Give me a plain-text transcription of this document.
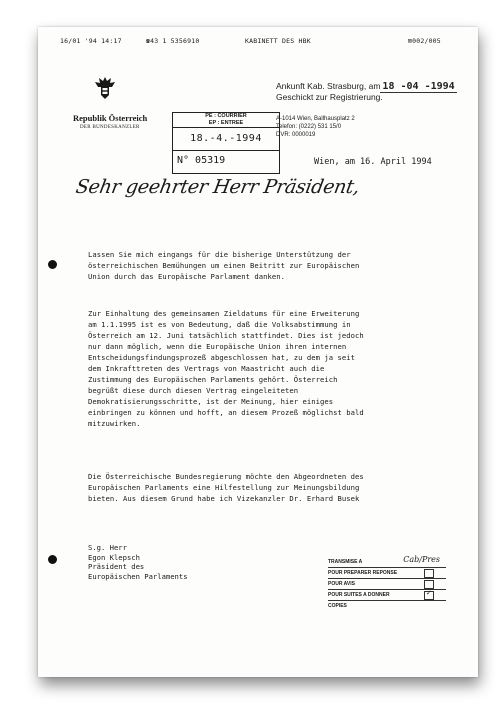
16/01 '94 14:17	☎43 1 5356910	KABINETT DES HBK	⊠002/005
Republik Österreich
DER BUNDESKANZLER
Ankunft Kab. Strasburg, am 18 -04 -1994
Geschickt zur Registrierung.
PE : COURRIER
EP : ENTREE
18.-4.-1994
N° 05319
A-1014 Wien, Ballhausplatz 2
Telefon: (0222) 531 15/0
DVR: 0000019
Wien, am 16. April 1994
Sehr geehrter Herr Präsident,
Lassen Sie mich eingangs für die bisherige Unterstützung der
österreichischen Bemühungen um einen Beitritt zur Europäischen
Union durch das Europäische Parlament danken.
Zur Einhaltung des gemeinsamen Zieldatums für eine Erweiterung
am 1.1.1995 ist es von Bedeutung, daß die Volksabstimmung in
Österreich am 12. Juni tatsächlich stattfindet. Dies ist jedoch
nur dann möglich, wenn die Europäische Union ihren internen
Entscheidungsfindungsprozeß abgeschlossen hat, zu dem ja seit
dem Inkrafttreten des Vertrags von Maastricht auch die
Zustimmung des Europäischen Parlaments gehört. Österreich
begrüßt diese durch diesen Vertrag eingeleiteten
Demokratisierungsschritte, ist der Meinung, hier einiges
einbringen zu können und hofft, an diesem Prozeß möglichst bald
mitzuwirken.
Die Österreichische Bundesregierung möchte den Abgeordneten des
Europäischen Parlaments eine Hilfestellung zur Meinungsbildung
bieten. Aus diesem Grund habe ich Vizekanzler Dr. Erhard Busek
S.g. Herr
Egon Klepsch
Präsident des
Europäischen Parlaments
TRANSMISE A	Cab/Pres
POUR PREPARER REPONSE
POUR AVIS
POUR SUITES A DONNER	✓
COPIES
